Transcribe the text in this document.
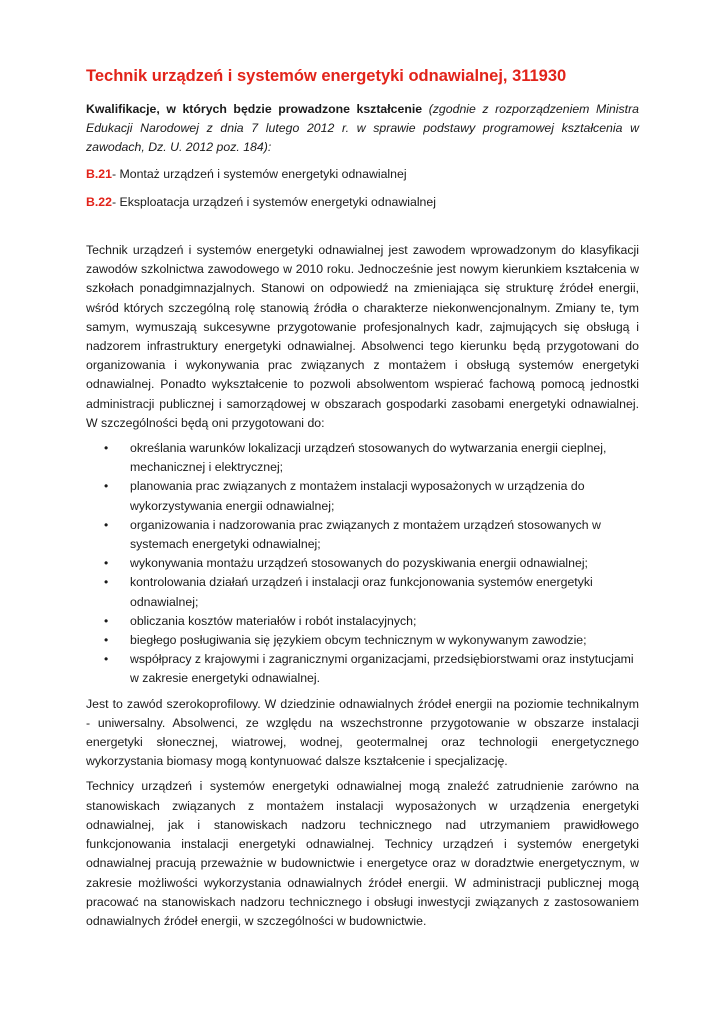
Technik urządzeń i systemów energetyki odnawialnej, 311930

Kwalifikacje, w których będzie prowadzone kształcenie (zgodnie z rozporządzeniem Ministra Edukacji Narodowej z dnia 7 lutego 2012 r. w sprawie podstawy programowej kształcenia w zawodach, Dz. U. 2012 poz. 184):

B.21- Montaż urządzeń i systemów energetyki odnawialnej
B.22- Eksploatacja urządzeń i systemów energetyki odnawialnej

Technik urządzeń i systemów energetyki odnawialnej jest zawodem wprowadzonym do klasyfikacji zawodów szkolnictwa zawodowego w 2010 roku. Jednocześnie jest nowym kierunkiem kształcenia w szkołach ponadgimnazjalnych. Stanowi on odpowiedź na zmieniająca się strukturę źródeł energii, wśród których szczególną rolę stanowią źródła o charakterze niekonwencjonalnym. Zmiany te, tym samym, wymuszają sukcesywne przygotowanie profesjonalnych kadr, zajmujących się obsługą i nadzorem infrastruktury energetyki odnawialnej. Absolwenci tego kierunku będą przygotowani do organizowania i wykonywania prac związanych z montażem i obsługą systemów energetyki odnawialnej. Ponadto wykształcenie to pozwoli absolwentom wspierać fachową pomocą jednostki administracji publicznej i samorządowej w obszarach gospodarki zasobami energetyki odnawialnej. W szczególności będą oni przygotowani do:

• określania warunków lokalizacji urządzeń stosowanych do wytwarzania energii cieplnej, mechanicznej i elektrycznej;
• planowania prac związanych z montażem instalacji wyposażonych w urządzenia do wykorzystywania energii odnawialnej;
• organizowania i nadzorowania prac związanych z montażem urządzeń stosowanych w systemach energetyki odnawialnej;
• wykonywania montażu urządzeń stosowanych do pozyskiwania energii odnawialnej;
• kontrolowania działań urządzeń i instalacji oraz funkcjonowania systemów energetyki odnawialnej;
• obliczania kosztów materiałów i robót instalacyjnych;
• biegłego posługiwania się językiem obcym technicznym w wykonywanym zawodzie;
• współpracy z krajowymi i zagranicznymi organizacjami, przedsiębiorstwami oraz instytucjami w zakresie energetyki odnawialnej.

Jest to zawód szerokoprofilowy. W dziedzinie odnawialnych źródeł energii na poziomie technikalnym - uniwersalny. Absolwenci, ze względu na wszechstronne przygotowanie w obszarze instalacji energetyki słonecznej, wiatrowej, wodnej, geotermalnej oraz technologii energetycznego wykorzystania biomasy mogą kontynuować dalsze kształcenie i specjalizację.

Technicy urządzeń i systemów energetyki odnawialnej mogą znaleźć zatrudnienie zarówno na stanowiskach związanych z montażem instalacji wyposażonych w urządzenia energetyki odnawialnej, jak i stanowiskach nadzoru technicznego nad utrzymaniem prawidłowego funkcjonowania instalacji energetyki odnawialnej. Technicy urządzeń i systemów energetyki odnawialnej pracują przeważnie w budownictwie i energetyce oraz w doradztwie energetycznym, w zakresie możliwości wykorzystania odnawialnych źródeł energii. W administracji publicznej mogą pracować na stanowiskach nadzoru technicznego i obsługi inwestycji związanych z zastosowaniem odnawialnych źródeł energii, w szczególności w budownictwie.
